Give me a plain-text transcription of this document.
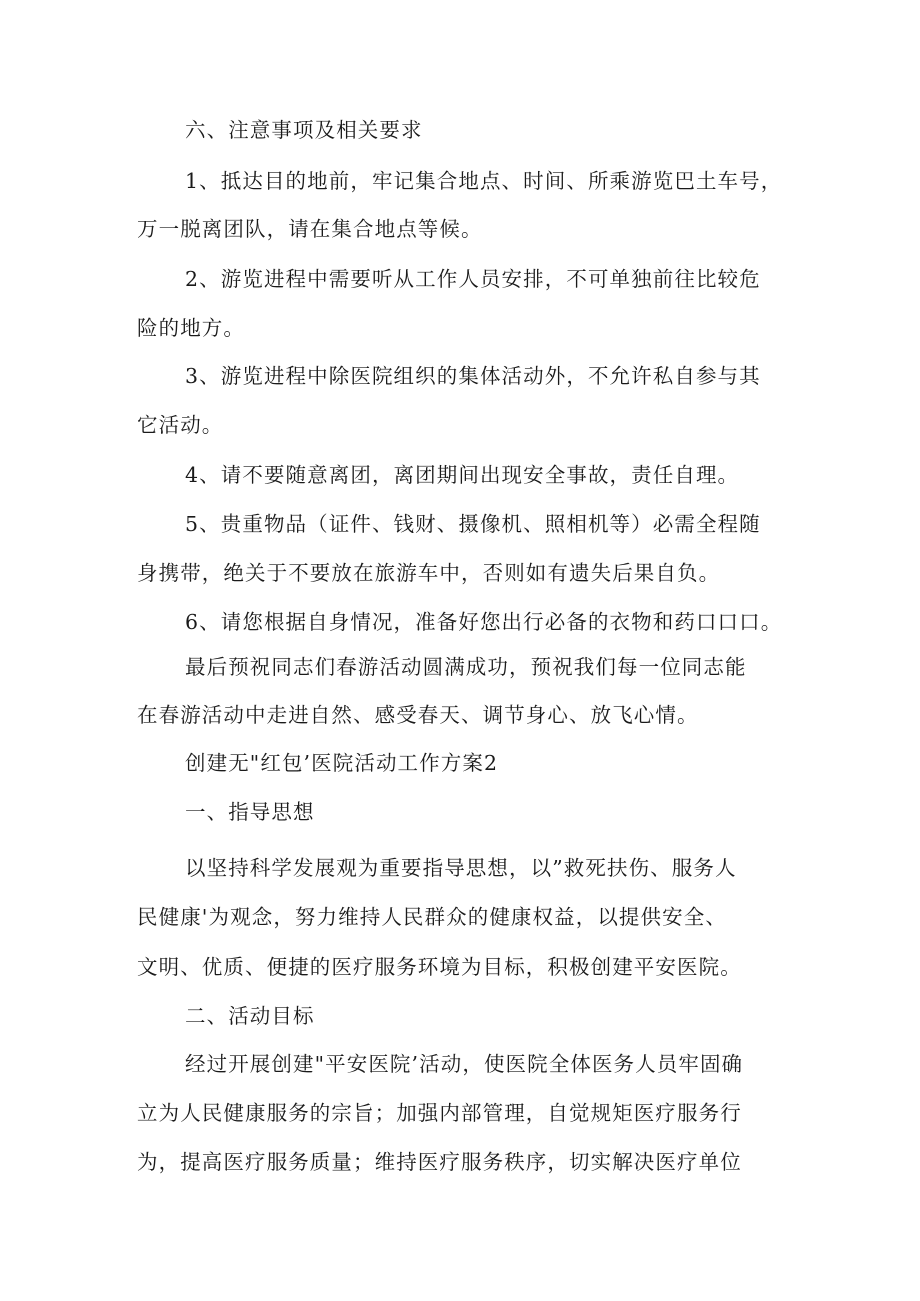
六、注意事项及相关要求
1、抵达目的地前，牢记集合地点、时间、所乘游览巴土车号，
万一脱离团队，请在集合地点等候。
2、游览进程中需要听从工作人员安排，不可单独前往比较危
险的地方。
3、游览进程中除医院组织的集体活动外，不允许私自参与其
它活动。
4、请不要随意离团，离团期间出现安全事故，责任自理。
5、贵重物品（证件、钱财、摄像机、照相机等）必需全程随
身携带，绝关于不要放在旅游车中，否则如有遗失后果自负。
6、请您根据自身情况，准备好您出行必备的衣物和药口口口。
最后预祝同志们春游活动圆满成功，预祝我们每一位同志能
在春游活动中走进自然、感受春天、调节身心、放飞心情。
创建无"红包’医院活动工作方案2
一、指导思想
以坚持科学发展观为重要指导思想，以”救死扶伤、服务人
民健康'为观念，努力维持人民群众的健康权益，以提供安全、
文明、优质、便捷的医疗服务环境为目标，积极创建平安医院。
二、活动目标
经过开展创建"平安医院’活动，使医院全体医务人员牢固确
立为人民健康服务的宗旨；加强内部管理，自觉规矩医疗服务行
为，提高医疗服务质量；维持医疗服务秩序，切实解决医疗单位
